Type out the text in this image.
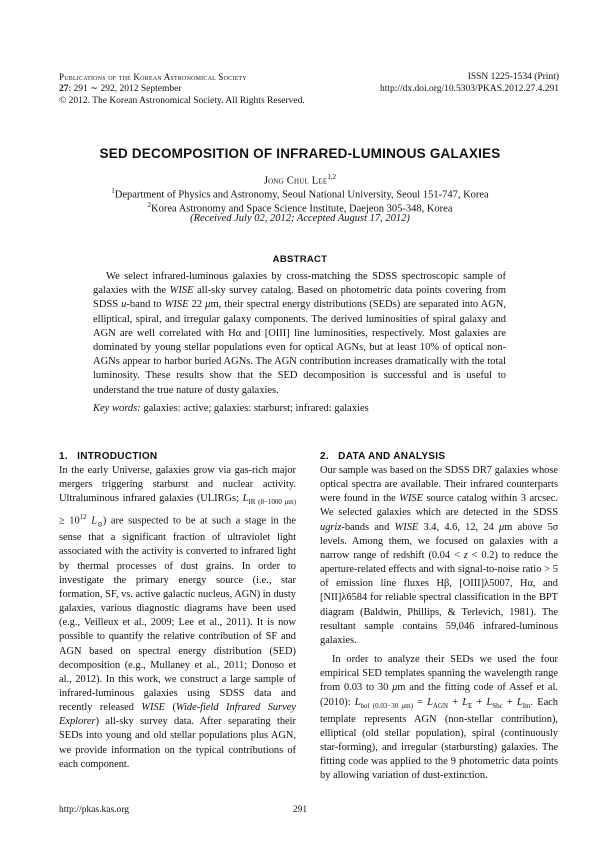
Publications of the Korean Astronomical Society
27: 291 ∼ 292, 2012 September
© 2012. The Korean Astronomical Society. All Rights Reserved.
ISSN 1225-1534 (Print)
http://dx.doi.org/10.5303/PKAS.2012.27.4.291
SED DECOMPOSITION OF INFRARED-LUMINOUS GALAXIES
Jong Chul Lee$^{1,2}$
$^1$Department of Physics and Astronomy, Seoul National University, Seoul 151-747, Korea
$^2$Korea Astronomy and Space Science Institute, Daejeon 305-348, Korea
(Received July 02, 2012; Accepted August 17, 2012)
ABSTRACT
We select infrared-luminous galaxies by cross-matching the SDSS spectroscopic sample of galaxies with the WISE all-sky survey catalog. Based on photometric data points covering from SDSS u-band to WISE 22 μm, their spectral energy distributions (SEDs) are separated into AGN, elliptical, spiral, and irregular galaxy components. The derived luminosities of spiral galaxy and AGN are well correlated with Hα and [OIII] line luminosities, respectively. Most galaxies are dominated by young stellar populations even for optical AGNs, but at least 10% of optical non-AGNs appear to harbor buried AGNs. The AGN contribution increases dramatically with the total luminosity. These results show that the SED decomposition is successful and is useful to understand the true nature of dusty galaxies.
Key words: galaxies: active; galaxies: starburst; infrared: galaxies
1.   INTRODUCTION

In the early Universe, galaxies grow via gas-rich major mergers triggering starburst and nuclear activity. Ultraluminous infrared galaxies (ULIRGs; $L_{IR (8-1000 \mu m)} \ge 10^{12}$ $L_⊙$) are suspected to be at such a stage in the sense that a significant fraction of ultraviolet light associated with the activity is converted to infrared light by thermal processes of dust grains. In order to investigate the primary energy source (i.e., star formation, SF, vs. active galactic nucleus, AGN) in dusty galaxies, various diagnostic diagrams have been used (e.g., Veilleux et al., 2009; Lee et al., 2011). It is now possible to quantify the relative contribution of SF and AGN based on spectral energy distribution (SED) decomposition (e.g., Mullaney et al., 2011; Donoso et al., 2012). In this work, we construct a large sample of infrared-luminous galaxies using SDSS data and recently released WISE (Wide-field Infrared Survey Explorer) all-sky survey data. After separating their SEDs into young and old stellar populations plus AGN, we provide information on the typical contributions of each component.

2.   DATA AND ANALYSIS

Our sample was based on the SDSS DR7 galaxies whose optical spectra are available. Their infrared counterparts were found in the WISE source catalog within 3 arcsec. We selected galaxies which are detected in the SDSS ugriz-bands and WISE 3.4, 4.6, 12, 24 μm above 5σ levels. Among them, we focused on galaxies with a narrow range of redshift (0.04 < z < 0.2) to reduce the aperture-related effects and with signal-to-noise ratio > 5 of emission line fluxes Hβ, [OIII]λ5007, Hα, and [NII]λ6584 for reliable spectral classification in the BPT diagram (Baldwin, Phillips, & Terlevich, 1981). The resultant sample contains 59,046 infrared-luminous galaxies.

In order to analyze their SEDs we used the four empirical SED templates spanning the wavelength range from 0.03 to 30 μm and the fitting code of Assef et al. (2010): $L_{bol (0.03-30 \mu m)} = L_{AGN} + L_E + L_{Sbc} + L_{Im}$. Each template represents AGN (non-stellar contribution), elliptical (old stellar population), spiral (continuously star-forming), and irregular (starbursting) galaxies. The fitting code was applied to the 9 photometric data points by allowing variation of dust-extinction.

http://pkas.kas.org	291
